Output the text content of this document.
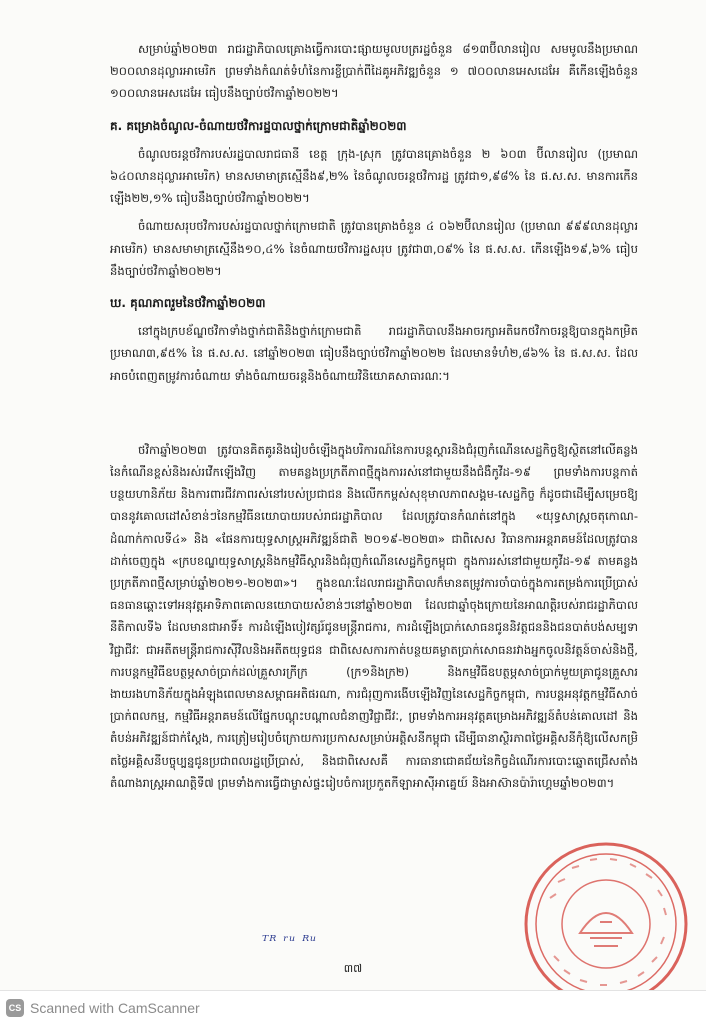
សម្រាប់ឆ្នាំ២០២៣ រាជរដ្ឋាភិបាលគ្រោងធ្វើការបោះផ្សាយមូលបត្ររដ្ឋចំនួន ៨១៣ប៊ីលានរៀល សមមូលនឹងប្រមាណ ២០០លានដុល្លារអាមេរិក ព្រមទាំងកំណត់ទំហំនៃការខ្ចីប្រាក់ពីដៃគូអភិវឌ្ឍចំនួន ១ ៧០០លានអេសដេអែ គឺកើនឡើងចំនួន ១០០លានអេសដេអែ ធៀបនឹងច្បាប់ថវិកាឆ្នាំ២០២២។

គ. គម្រោងចំណូល-ចំណាយថវិការដ្ឋបាលថ្នាក់ក្រោមជាតិឆ្នាំ២០២៣

ចំណូលចរន្តថវិការបស់រដ្ឋបាលរាជធានី ខេត្ត ក្រុង-ស្រុក ត្រូវបានគ្រោងចំនួន ២ ៦០៣ ប៊ីលានរៀល (ប្រមាណ ៦៤០លានដុល្លារអាមេរិក) មានសមាមាត្រស្មើនឹង៩,២% នៃចំណូលចរន្តថវិការដ្ឋ ត្រូវជា១,៩៨% នៃ ផ.ស.ស. មានការកើនឡើង២២,១% ធៀបនឹងច្បាប់ថវិកាឆ្នាំ២០២២។

ចំណាយសរុបថវិការបស់រដ្ឋបាលថ្នាក់ក្រោមជាតិ ត្រូវបានគ្រោងចំនួន ៤ ០៦២ប៊ីលានរៀល (ប្រមាណ ៩៩៩លានដុល្លារអាមេរិក) មានសមាមាត្រស្មើនឹង១០,៤% នៃចំណាយថវិការដ្ឋសរុប ត្រូវជា៣,០៩% នៃ ផ.ស.ស. កើនឡើង១៩,៦% ធៀបនឹងច្បាប់ថវិកាឆ្នាំ២០២២។

ឃ. គុណភាពរួមនៃថវិកាឆ្នាំ២០២៣

នៅក្នុងក្របខ័ណ្ឌថវិកាទាំងថ្នាក់ជាតិនិងថ្នាក់ក្រោមជាតិ រាជរដ្ឋាភិបាលនឹងអាចរក្សាអតិរេកថវិកាចរន្តឱ្យបានក្នុងកម្រិតប្រមាណ៣,៩៥% នៃ ផ.ស.ស. នៅឆ្នាំ២០២៣ ធៀបនឹងច្បាប់ថវិកាឆ្នាំ២០២២ ដែលមានទំហំ២,៨៦% នៃ ផ.ស.ស. ដែលអាចបំពេញតម្រូវការចំណាយ ទាំងចំណាយចរន្តនិងចំណាយវិនិយោគសាធារណៈ។

ថវិកាឆ្នាំ២០២៣ ត្រូវបានគិតគូរនិងរៀបចំឡើងក្នុងបរិការណ៍នៃការបន្តស្តារនិងជំរុញកំណើនសេដ្ឋកិច្ចឱ្យស្ថិតនៅលើគន្លងនៃកំណើនខ្ពស់និងរស់រវើកឡើងវិញ តាមគន្លងប្រក្រតីភាពថ្មីក្នុងការរស់នៅជាមួយនឹងជំងឺកូវីដ-១៩ ព្រមទាំងការបន្តកាត់បន្ថយហានិភ័យ និងការពារជីវភាពរស់នៅរបស់ប្រជាជន និងលើកកម្ពស់សុខុមាលភាពសង្គម-សេដ្ឋកិច្ច ក៏ដូចជាដើម្បីសម្រេចឱ្យបាននូវគោលដៅសំខាន់ៗនៃកម្មវិធីនយោបាយរបស់រាជរដ្ឋាភិបាល ដែលត្រូវបានកំណត់នៅក្នុង «យុទ្ធសាស្ត្រចតុកោណ-ដំណាក់កាលទី៤» និង «ផែនការយុទ្ធសាស្ត្រអភិវឌ្ឍន៍ជាតិ ២០១៩-២០២៣» ជាពិសេស វិធានការអន្តរាគមន៍ដែលត្រូវបានដាក់ចេញក្នុង «ក្របខណ្ឌយុទ្ធសាស្ត្រនិងកម្មវិធីស្តារនិងជំរុញកំណើនសេដ្ឋកិច្ចកម្ពុជា ក្នុងការរស់នៅជាមួយកូវីដ-១៩ តាមគន្លងប្រក្រតីភាពថ្មីសម្រាប់ឆ្នាំ២០២១-២០២៣»។ ក្នុងខណៈដែលរាជរដ្ឋាភិបាលក៏មានតម្រូវការចាំបាច់ក្នុងការតម្រង់ការប្រើប្រាស់ធនធានឆ្ពោះទៅអនុវត្តអាទិភាពគោលនយោបាយសំខាន់ៗនៅឆ្នាំ២០២៣ ដែលជាឆ្នាំចុងក្រោយនៃអាណត្តិរបស់រាជរដ្ឋាភិបាលនីតិកាលទី៦ ដែលមានជាអាទិ៍៖ ការដំឡើងបៀវត្សរ៍ជូនមន្ត្រីរាជការ, ការដំឡើងប្រាក់សោធនជូននិវត្តជននិងជនបាត់បង់សម្បទាវិជ្ជាជីវៈ ជាអតីតមន្ត្រីរាជការស៊ីវិលនិងអតីតយុទ្ធជន ជាពិសេសការកាត់បន្ថយគម្លាតប្រាក់សោធនរវាងអ្នកចូលនិវត្តន៍ចាស់និងថ្មី, ការបន្តកម្មវិធីឧបត្ថម្ភសាច់ប្រាក់ដល់គ្រួសារក្រីក្រ (ក្រ១និងក្រ២) និងកម្មវិធីឧបត្ថម្ភសាច់ប្រាក់មួយគ្រាជូនគ្រួសារងាយរងហានិភ័យក្នុងអំឡុងពេលមានសម្ពាធអតិផរណា, ការជំរុញការងើបឡើងវិញនៃសេដ្ឋកិច្ចកម្ពុជា, ការបន្តអនុវត្តកម្មវិធីសាច់ប្រាក់ពលកម្ម, កម្មវិធីអន្តរាគមន៍លើផ្នែកបណ្តុះបណ្តាលជំនាញវិជ្ជាជីវៈ, ព្រមទាំងការអនុវត្តគម្រោងអភិវឌ្ឍន៍តំបន់គោលដៅ និងតំបន់អភិវឌ្ឍន៍ជាក់ស្តែង, ការត្រៀមរៀបចំក្រោយការប្រកាសសម្រាប់អត្តិសនីកម្ពុជា ដើម្បីធានាស្ថិរភាពថ្លៃអគ្គិសនីកុំឱ្យលើសកម្រិតថ្លៃអគ្គិសនីបច្ចុប្បន្នជូនប្រជាពលរដ្ឋប្រើប្រាស់, និងជាពិសេសគឺ ការធានាជោគជ័យនៃកិច្ចដំណើរការបោះឆ្នោតជ្រើសតាំងតំណាងរាស្ត្រអាណត្តិទី៧ ព្រមទាំងការធ្វើជាម្ចាស់ផ្ទះរៀបចំការប្រកួតកីឡាអាស៊ីអាគ្នេយ៍ និងអាស៊ានប៉ារ៉ាហ្គេមឆ្នាំ២០២៣។

ᵀᴿ ʳᵘ ᴿᵘ
៣៧
CS Scanned with CamScanner
